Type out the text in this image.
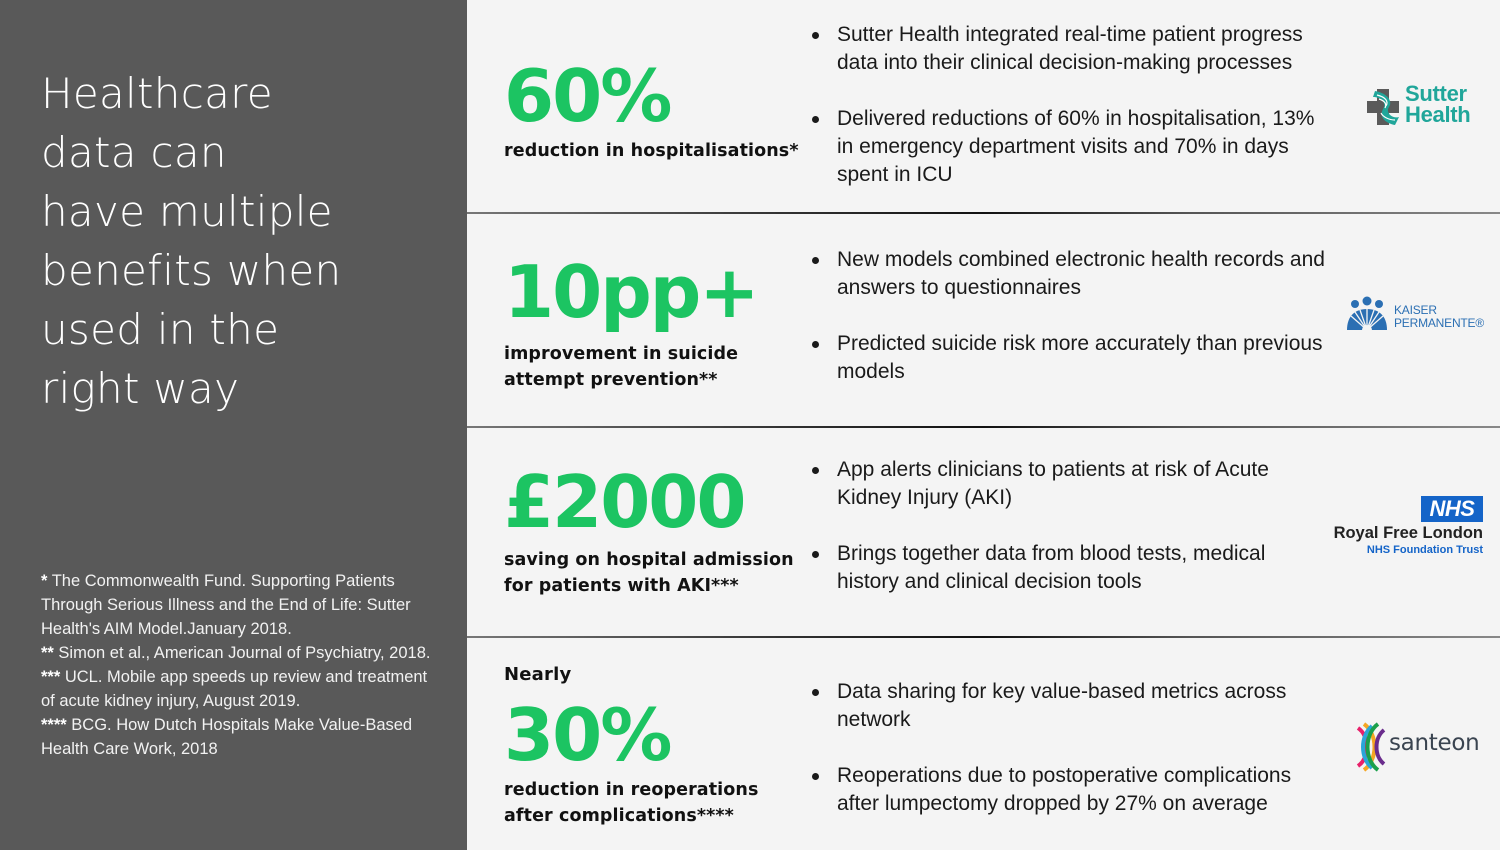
Healthcare
data can
have multiple
benefits when
used in the
right way
* The Commonwealth Fund. Supporting Patients Through Serious Illness and the End of Life: Sutter Health's AIM Model.January 2018.
** Simon et al., American Journal of Psychiatry, 2018.
*** UCL. Mobile app speeds up review and treatment of acute kidney injury, August 2019.
**** BCG. How Dutch Hospitals Make Value-Based Health Care Work, 2018
60%
reduction in hospitalisations*
Sutter Health integrated real-time patient progress data into their clinical decision-making processes
Delivered reductions of 60% in hospitalisation, 13% in emergency department visits and 70% in days spent in ICU
Sutter
Health
10pp+
improvement in suicide
attempt prevention**
New models combined electronic health records and answers to questionnaires
Predicted suicide risk more accurately than previous models
KAISER
PERMANENTE®
£2000
saving on hospital admission
for patients with AKI***
App alerts clinicians to patients at risk of Acute Kidney Injury (AKI)
Brings together data from blood tests, medical history and clinical decision tools
NHS
Royal Free London
NHS Foundation Trust
Nearly
30%
reduction in reoperations
after complications****
Data sharing for key value-based metrics across network
Reoperations due to postoperative complications after lumpectomy dropped by 27% on average
santeon
